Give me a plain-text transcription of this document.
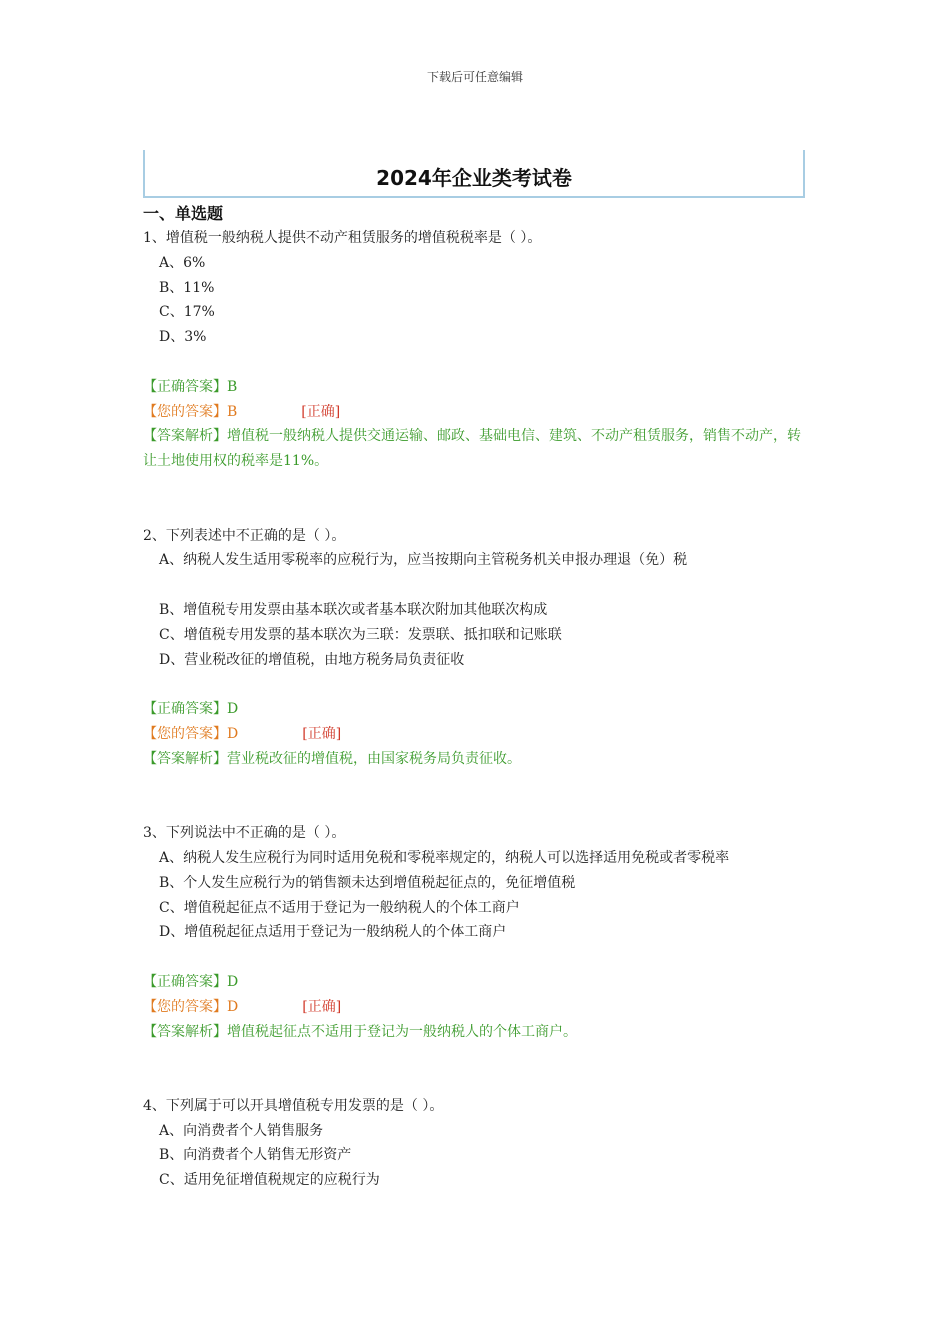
下载后可任意编辑
2024年企业类考试卷
一、单选题
1、增值税一般纳税人提供不动产租赁服务的增值税税率是（ ）。
A、6%
B、11%
C、17%
D、3%
【正确答案】B
【您的答案】B	[正确]
【答案解析】增值税一般纳税人提供交通运输、邮政、基础电信、建筑、不动产租赁服务，销售不动产，转让土地使用权的税率是11%。
2、下列表述中不正确的是（ ）。
A、纳税人发生适用零税率的应税行为，应当按期向主管税务机关申报办理退（免）税
B、增值税专用发票由基本联次或者基本联次附加其他联次构成
C、增值税专用发票的基本联次为三联：发票联、抵扣联和记账联
D、营业税改征的增值税，由地方税务局负责征收
【正确答案】D
【您的答案】D	[正确]
【答案解析】营业税改征的增值税，由国家税务局负责征收。
3、下列说法中不正确的是（ ）。
A、纳税人发生应税行为同时适用免税和零税率规定的，纳税人可以选择适用免税或者零税率
B、个人发生应税行为的销售额未达到增值税起征点的，免征增值税
C、增值税起征点不适用于登记为一般纳税人的个体工商户
D、增值税起征点适用于登记为一般纳税人的个体工商户
【正确答案】D
【您的答案】D	[正确]
【答案解析】增值税起征点不适用于登记为一般纳税人的个体工商户。
4、下列属于可以开具增值税专用发票的是（ ）。
A、向消费者个人销售服务
B、向消费者个人销售无形资产
C、适用免征增值税规定的应税行为
